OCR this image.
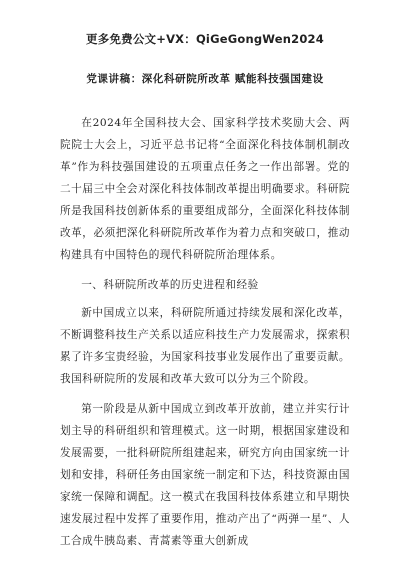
更多免费公文+VX：QiGeGongWen2024
党课讲稿：深化科研院所改革 赋能科技强国建设

在2024年全国科技大会、国家科学技术奖励大会、两院院士大会上，习近平总书记将“全面深化科技体制机制改革”作为科技强国建设的五项重点任务之一作出部署。党的二十届三中全会对深化科技体制改革提出明确要求。科研院所是我国科技创新体系的重要组成部分，全面深化科技体制改革，必须把深化科研院所改革作为着力点和突破口，推动构建具有中国特色的现代科研院所治理体系。

一、科研院所改革的历史进程和经验

新中国成立以来，科研院所通过持续发展和深化改革，不断调整科技生产关系以适应科技生产力发展需求，探索积累了许多宝贵经验，为国家科技事业发展作出了重要贡献。我国科研院所的发展和改革大致可以分为三个阶段。

第一阶段是从新中国成立到改革开放前，建立并实行计划主导的科研组织和管理模式。这一时期，根据国家建设和发展需要，一批科研院所组建起来，研究方向由国家统一计划和安排，科研任务由国家统一制定和下达，科技资源由国家统一保障和调配。这一模式在我国科技体系建立和早期快速发展过程中发挥了重要作用，推动产出了“两弹一星”、人工合成牛胰岛素、青蒿素等重大创新成
